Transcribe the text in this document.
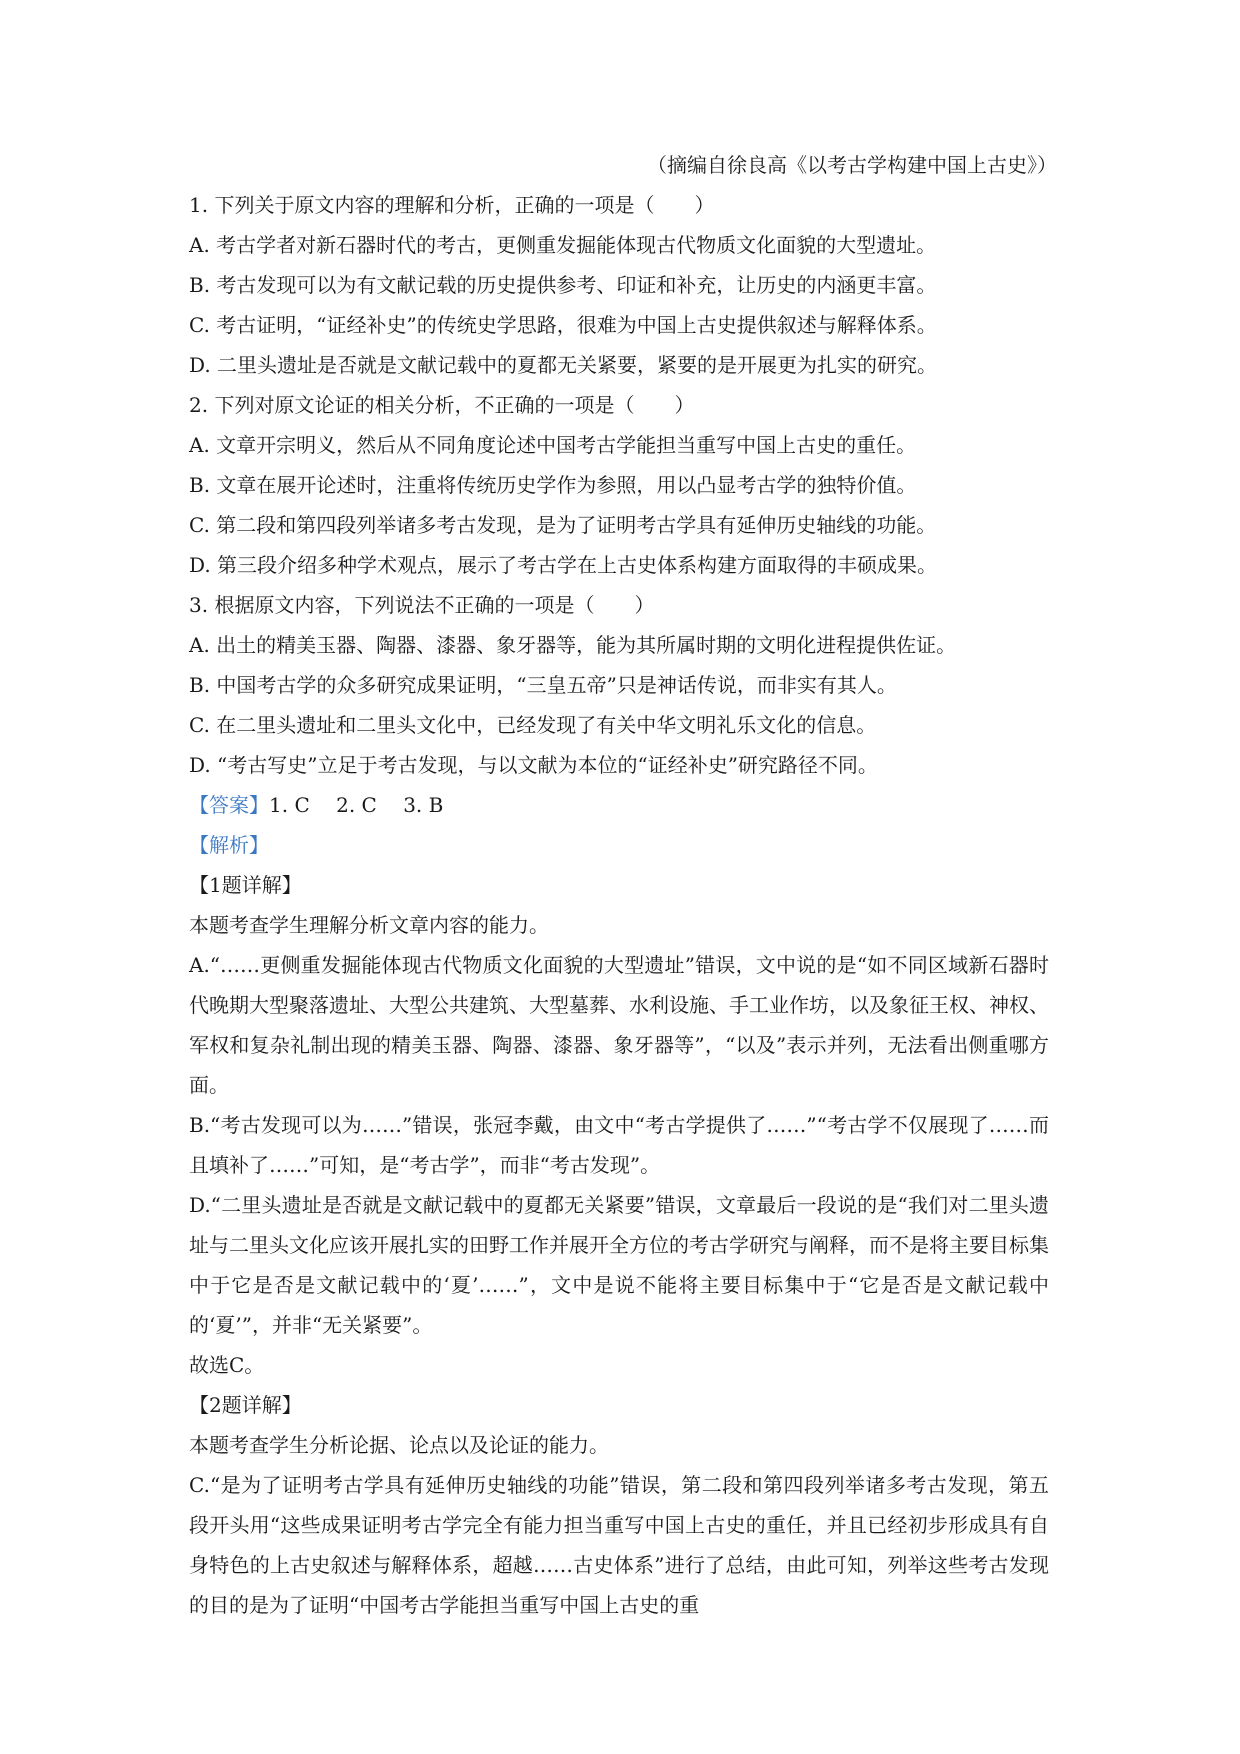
（摘编自徐良高《以考古学构建中国上古史》）
1. 下列关于原文内容的理解和分析，正确的一项是（　　）
A. 考古学者对新石器时代的考古，更侧重发掘能体现古代物质文化面貌的大型遗址。
B. 考古发现可以为有文献记载的历史提供参考、印证和补充，让历史的内涵更丰富。
C. 考古证明，“证经补史”的传统史学思路，很难为中国上古史提供叙述与解释体系。
D. 二里头遗址是否就是文献记载中的夏都无关紧要，紧要的是开展更为扎实的研究。
2. 下列对原文论证的相关分析，不正确的一项是（　　）
A. 文章开宗明义，然后从不同角度论述中国考古学能担当重写中国上古史的重任。
B. 文章在展开论述时，注重将传统历史学作为参照，用以凸显考古学的独特价值。
C. 第二段和第四段列举诸多考古发现，是为了证明考古学具有延伸历史轴线的功能。
D. 第三段介绍多种学术观点，展示了考古学在上古史体系构建方面取得的丰硕成果。
3. 根据原文内容，下列说法不正确的一项是（　　）
A. 出土的精美玉器、陶器、漆器、象牙器等，能为其所属时期的文明化进程提供佐证。
B. 中国考古学的众多研究成果证明，“三皇五帝”只是神话传说，而非实有其人。
C. 在二里头遗址和二里头文化中，已经发现了有关中华文明礼乐文化的信息。
D. “考古写史”立足于考古发现，与以文献为本位的“证经补史”研究路径不同。
【答案】1. C　 2. C　 3. B
【解析】
【1题详解】
本题考查学生理解分析文章内容的能力。
A.“……更侧重发掘能体现古代物质文化面貌的大型遗址”错误，文中说的是“如不同区域新石器时代晚期大型聚落遗址、大型公共建筑、大型墓葬、水利设施、手工业作坊，以及象征王权、神权、军权和复杂礼制出现的精美玉器、陶器、漆器、象牙器等”，“以及”表示并列，无法看出侧重哪方面。
B.“考古发现可以为……”错误，张冠李戴，由文中“考古学提供了……”“考古学不仅展现了……而且填补了……”可知，是“考古学”，而非“考古发现”。
D.“二里头遗址是否就是文献记载中的夏都无关紧要”错误，文章最后一段说的是“我们对二里头遗址与二里头文化应该开展扎实的田野工作并展开全方位的考古学研究与阐释，而不是将主要目标集中于它是否是文献记载中的‘夏’……”，文中是说不能将主要目标集中于“它是否是文献记载中的‘夏’”，并非“无关紧要”。
故选C。
【2题详解】
本题考查学生分析论据、论点以及论证的能力。
C.“是为了证明考古学具有延伸历史轴线的功能”错误，第二段和第四段列举诸多考古发现，第五段开头用“这些成果证明考古学完全有能力担当重写中国上古史的重任，并且已经初步形成具有自身特色的上古史叙述与解释体系，超越……古史体系”进行了总结，由此可知，列举这些考古发现的目的是为了证明“中国考古学能担当重写中国上古史的重
